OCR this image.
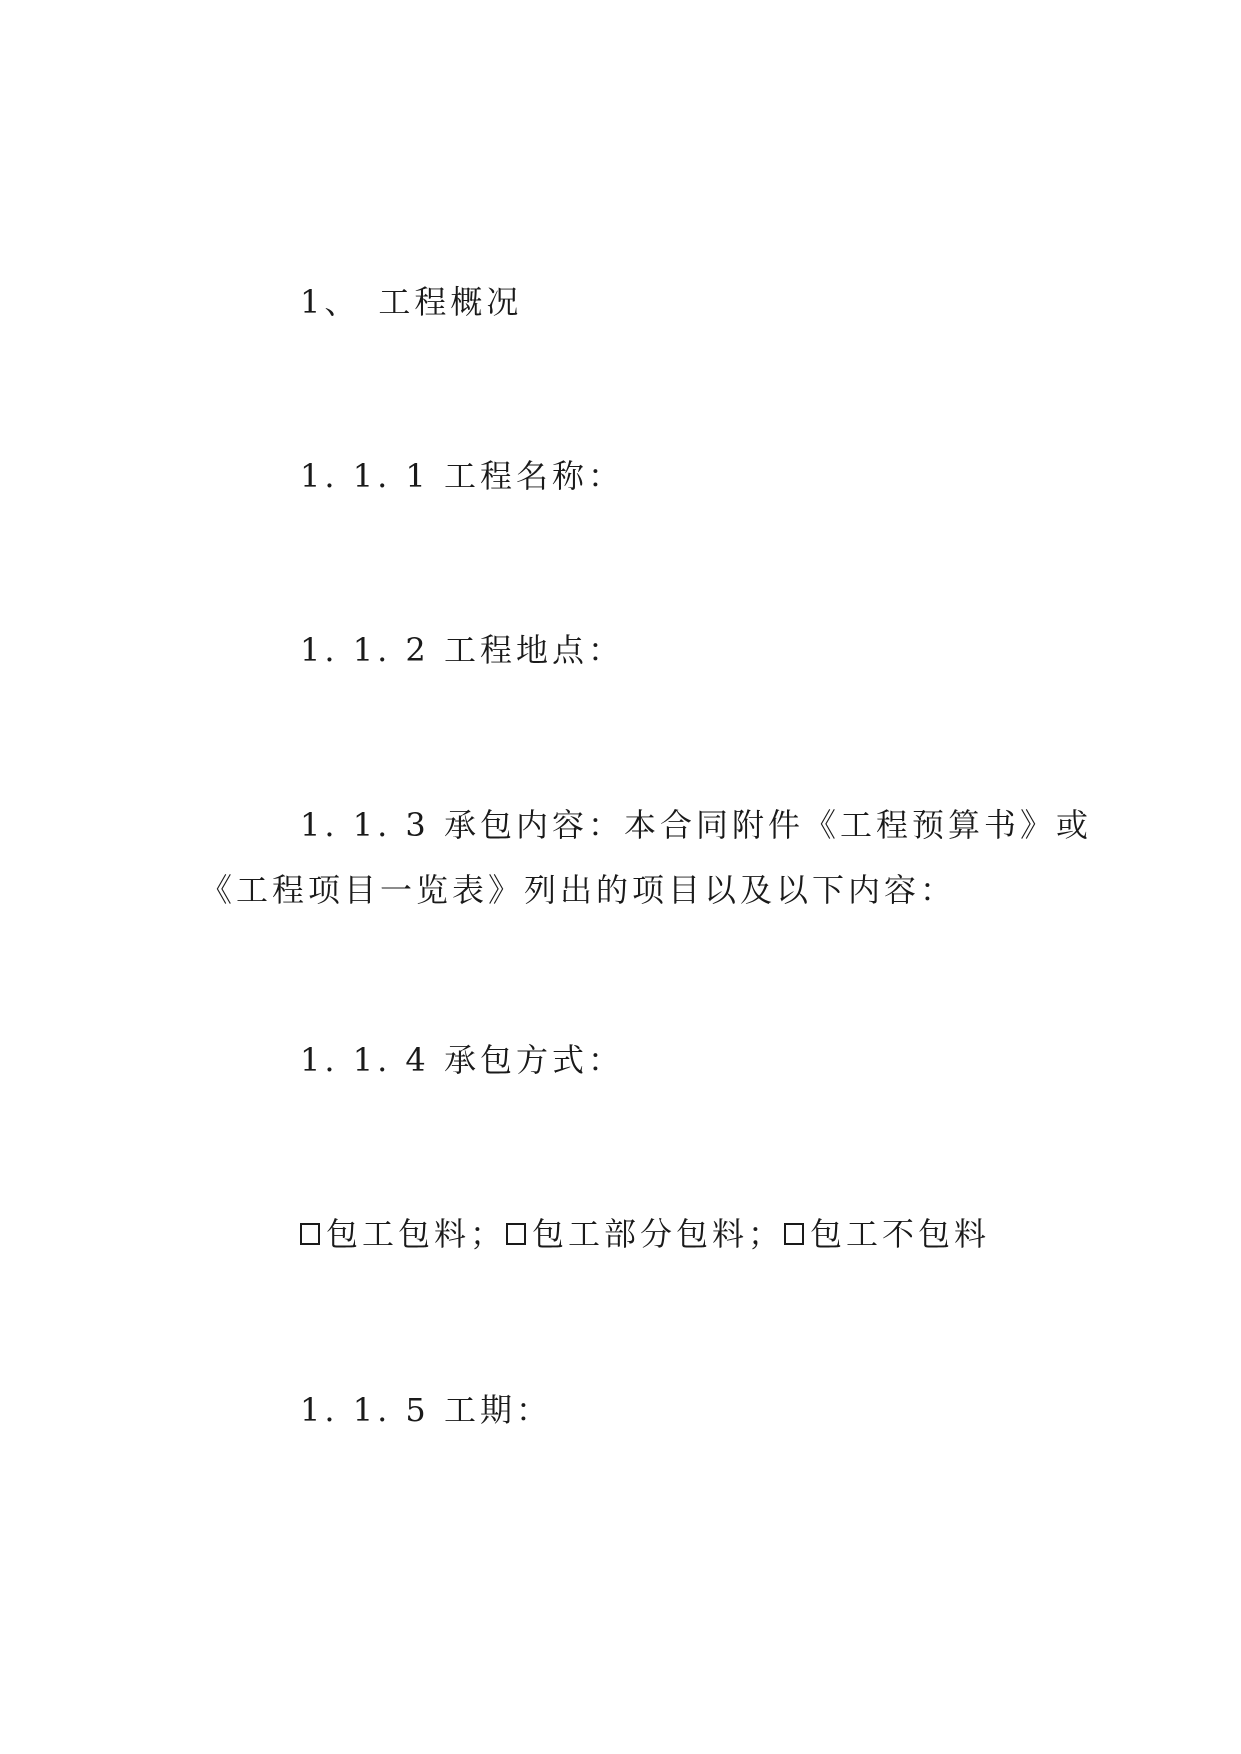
1、 工程概况
1. 1. 1 工程名称：
1. 1. 2 工程地点：
1. 1. 3 承包内容：本合同附件《工程预算书》或
《工程项目一览表》列出的项目以及以下内容：
1. 1. 4 承包方式：
包工包料； 包工部分包料； 包工不包料
1. 1. 5 工期：
